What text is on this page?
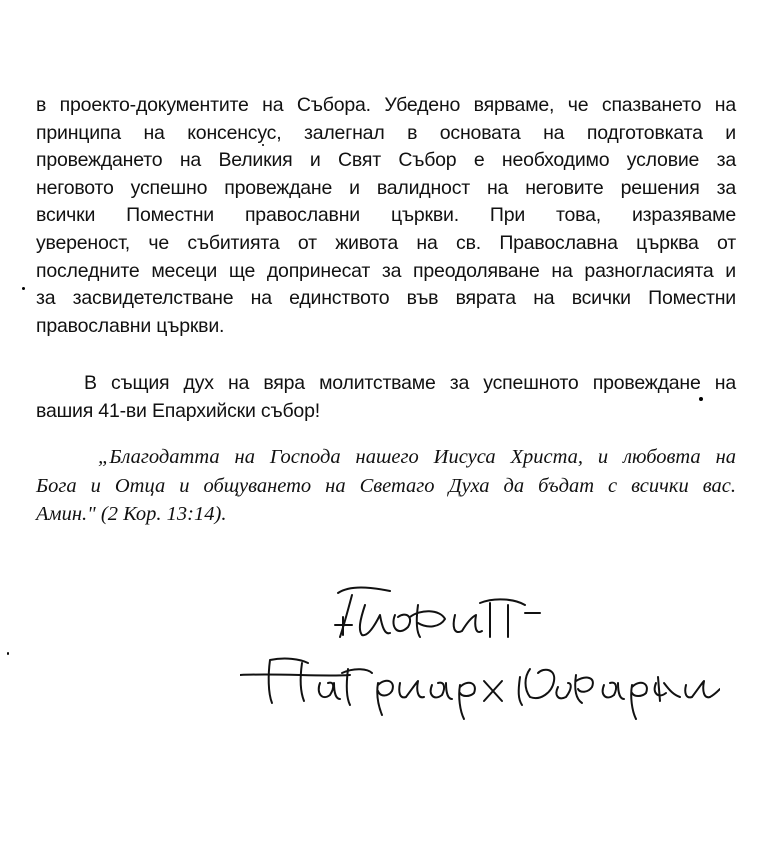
в проекто-документите на Събора. Убедено вярваме, че спазването на
принципа на консенсус, залегнал в основата на подготовката и
провеждането на Великия и Свят Събор е необходимо условие за
неговото успешно провеждане и валидност на неговите решения за
всички Поместни православни църкви. При това, изразяваме
увереност, че събитията от живота на св. Православна църква от
последните месеци ще допринесат за преодоляване на разногласията и
за засвидетелстване на единството във вярата на всички Поместни
православни църкви.
В същия дух на вяра молитстваме за успешното провеждане на
вашия 41-ви Епархийски събор!
„Благодатта на Господа нашего Иисуса Христа, и любовта на
Бога и Отца и общуването на Светаго Духа да бъдат с всички вас.
Амин." (2 Кор. 13:14).
